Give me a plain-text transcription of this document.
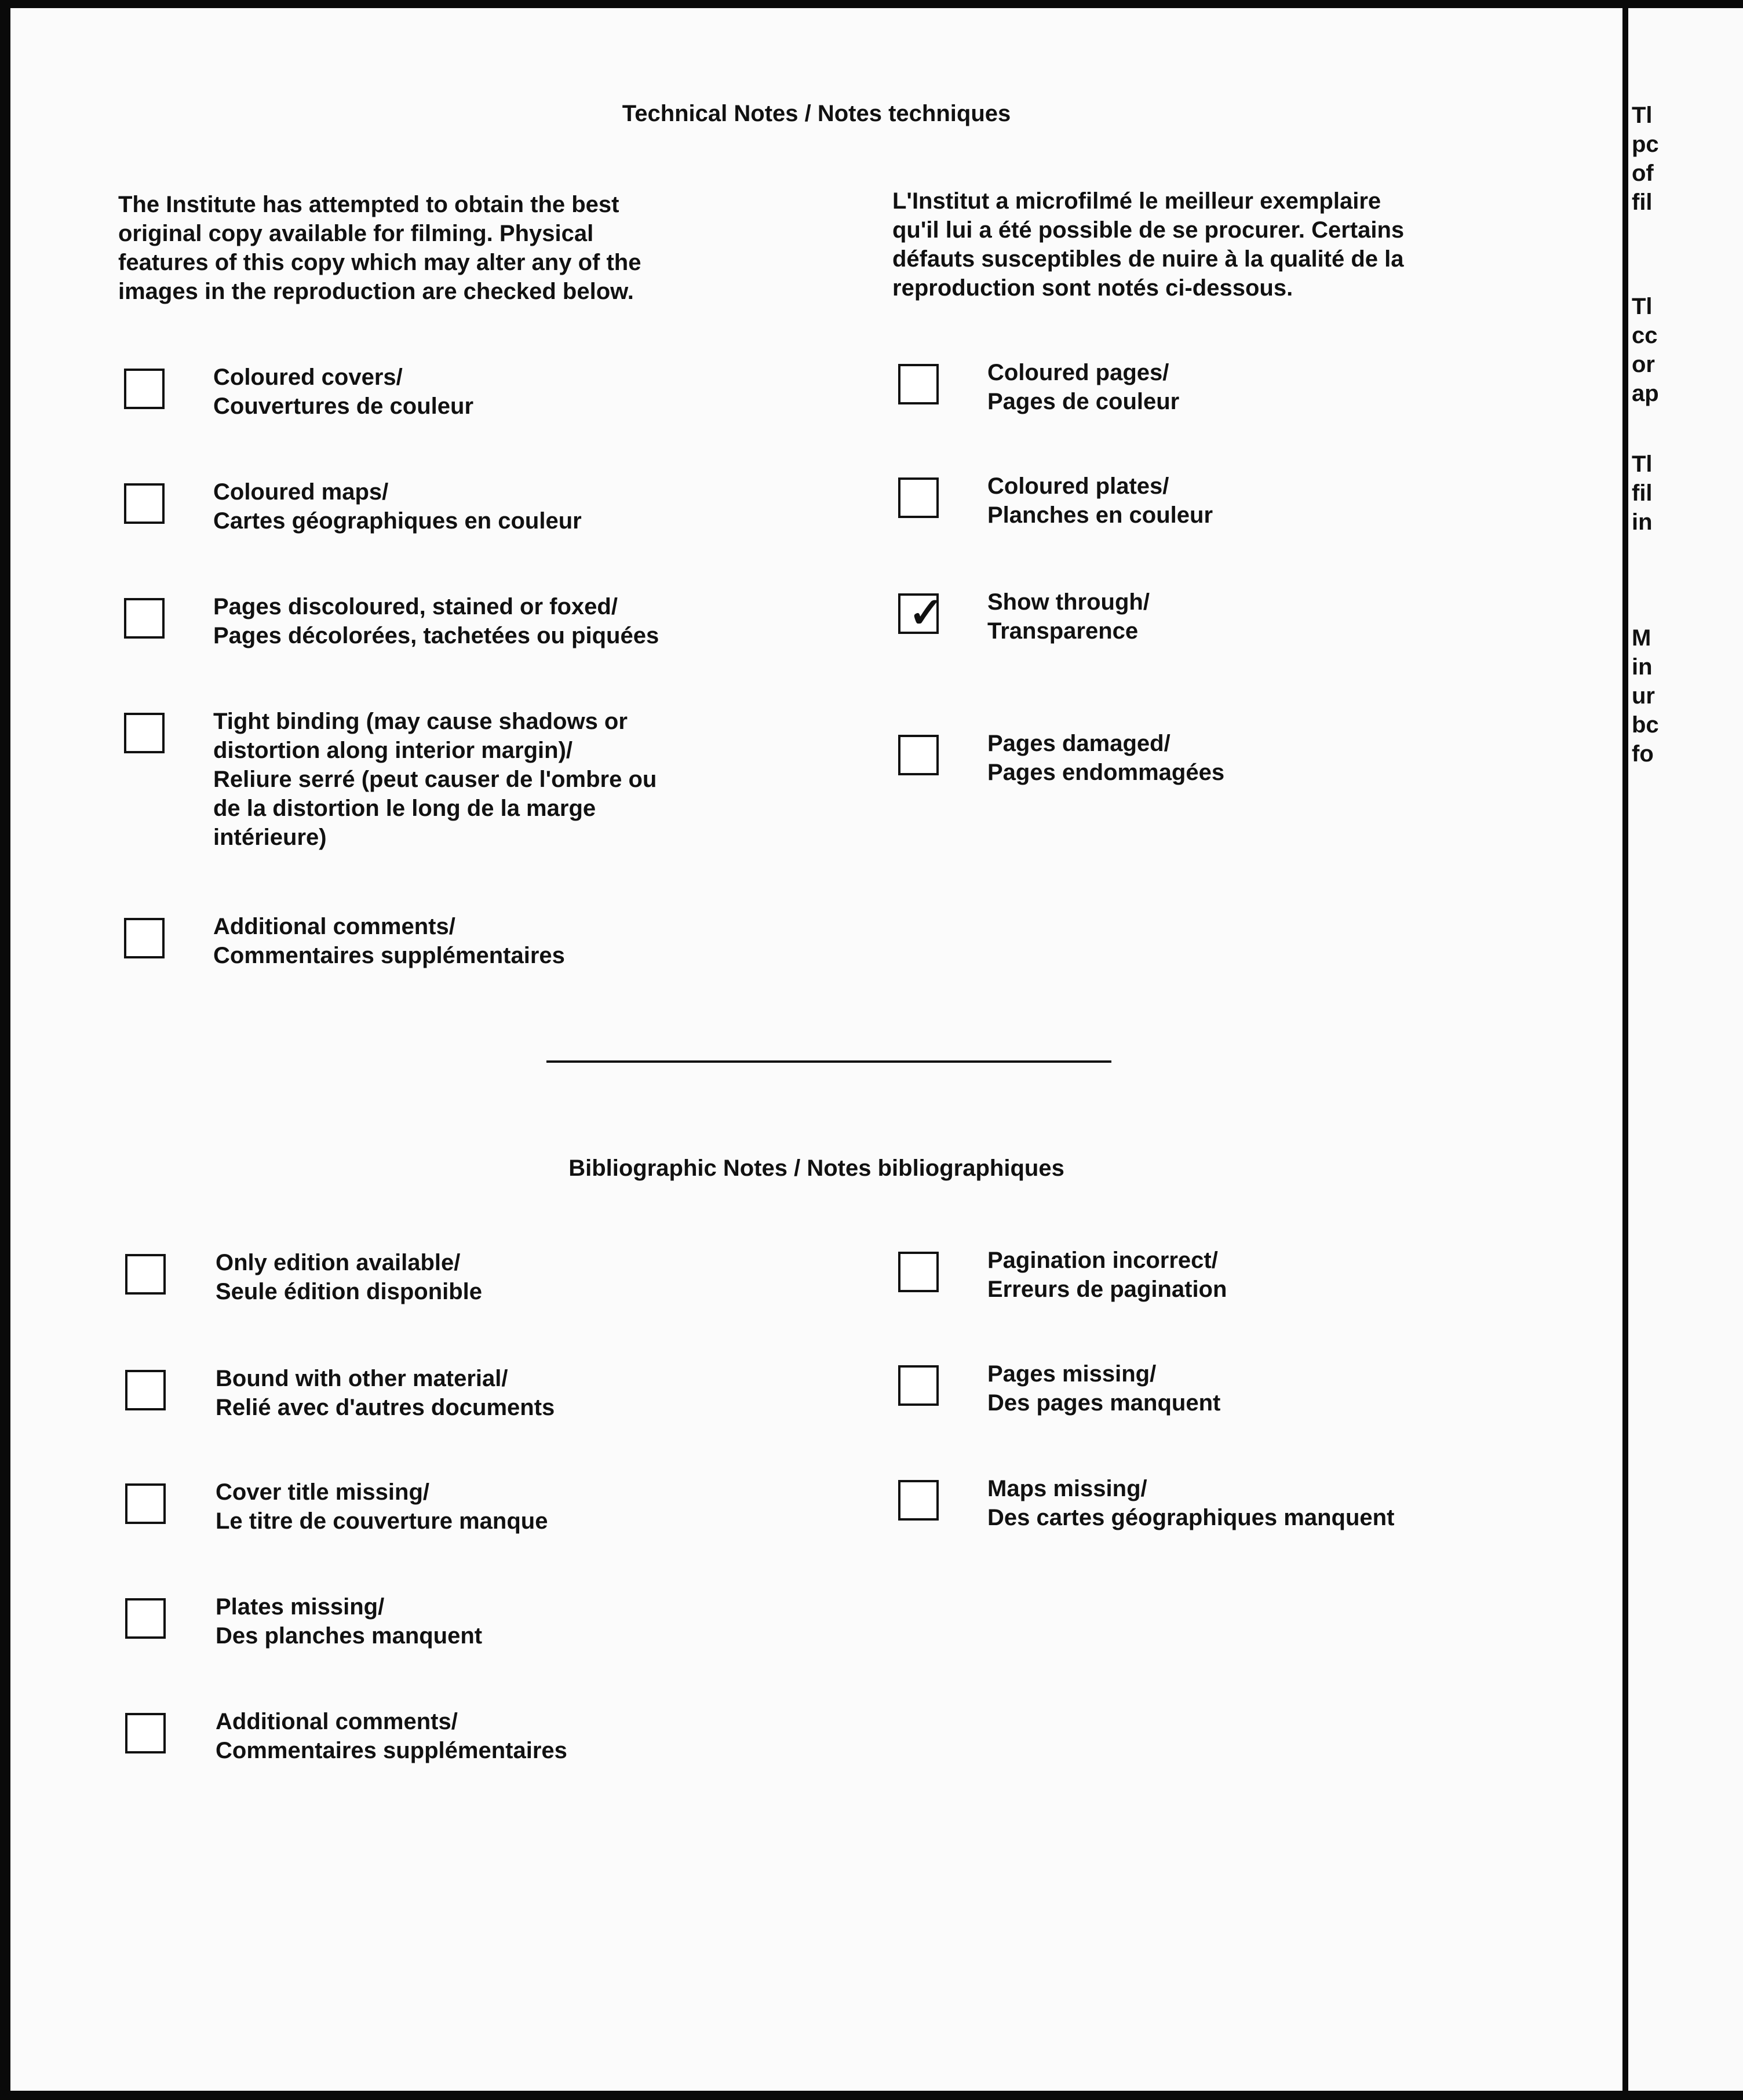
Technical Notes / Notes techniques
The Institute has attempted to obtain the best
original copy available for filming. Physical
features of this copy which may alter any of the
images in the reproduction are checked below.
L'Institut a microfilmé le meilleur exemplaire
qu'il lui a été possible de se procurer. Certains
défauts susceptibles de nuire à la qualité de la
reproduction sont notés ci-dessous.
Coloured covers/
Couvertures de couleur
Coloured maps/
Cartes géographiques en couleur
Pages discoloured, stained or foxed/
Pages décolorées, tachetées ou piquées
Tight binding (may cause shadows or
distortion along interior margin)/
Reliure serré (peut causer de l'ombre ou
de la distortion le long de la marge
intérieure)
Additional comments/
Commentaires supplémentaires
Coloured pages/
Pages de couleur
Coloured plates/
Planches en couleur
✓ Show through/
Transparence
Pages damaged/
Pages endommagées
Only edition available/
Seule édition disponible
Bound with other material/
Relié avec d'autres documents
Cover title missing/
Le titre de couverture manque
Plates missing/
Des planches manquent
Additional comments/
Commentaires supplémentaires
Pagination incorrect/
Erreurs de pagination
Pages missing/
Des pages manquent
Maps missing/
Des cartes géographiques manquent
Bibliographic Notes / Notes bibliographiques
Tl
pc
of
fil
Tl
cc
or
ap
Tl
fil
in
M
in
ur
bc
fo
